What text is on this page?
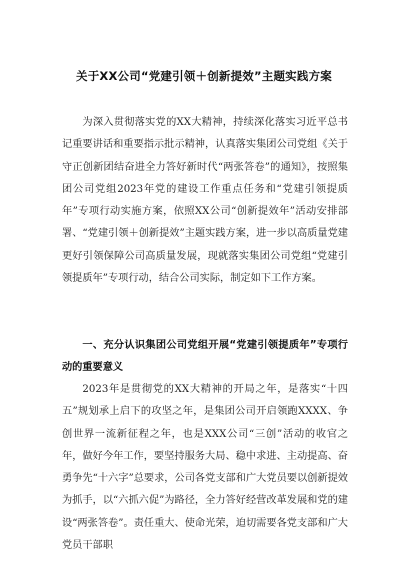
关于XX公司“党建引领＋创新提效”主题实践方案

为深入贯彻落实党的XX大精神，持续深化落实习近平总书记重要讲话和重要指示批示精神，认真落实集团公司党组《关于守正创新团结奋进全力答好新时代“两张答卷”的通知》，按照集团公司党组2023年党的建设工作重点任务和“党建引领提质年”专项行动实施方案，依照XX公司“创新提效年”活动安排部署、“党建引领＋创新提效”主题实践方案，进一步以高质量党建更好引领保障公司高质量发展，现就落实集团公司党组“党建引领提质年”专项行动，结合公司实际，制定如下工作方案。

一、充分认识集团公司党组开展“党建引领提质年”专项行动的重要意义

2023年是贯彻党的XX大精神的开局之年，是落实“十四五”规划承上启下的攻坚之年，是集团公司开启领跑XXXX、争创世界一流新征程之年，也是XXX公司“三创”活动的收官之年，做好今年工作，要坚持服务大局、稳中求进、主动提高、奋勇争先“十六字”总要求，公司各党支部和广大党员要以创新提效为抓手，以“六抓六促”为路径，全力答好经营改革发展和党的建设“两张答卷”。责任重大、使命光荣，迫切需要各党支部和广大党员干部职
